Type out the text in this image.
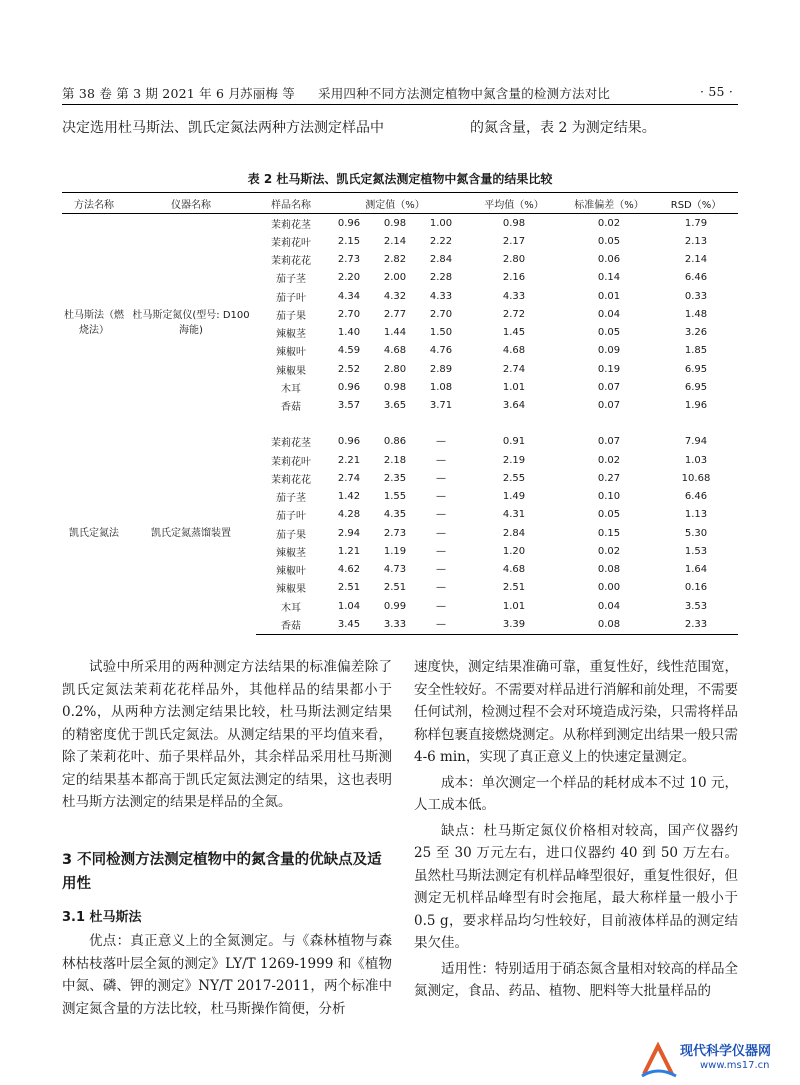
第 38 卷 第 3 期 2021 年 6 月 苏丽梅 等 采用四种不同方法测定植物中氮含量的检测方法对比	· 55 ·
决定选用杜马斯法、凯氏定氮法两种方法测定样品中	的氮含量，表 2 为测定结果。
表 2 杜马斯法、凯氏定氮法测定植物中氮含量的结果比较
方法名称	仪器名称	样品名称	测定值（%）			平均值（%）	标准偏差（%）	RSD（%）
杜马斯法（燃烧法）	杜马斯定氮仪(型号: D100 海能)	茉莉花茎	0.96	0.98	1.00	0.98	0.02	1.79
		茉莉花叶	2.15	2.14	2.22	2.17	0.05	2.13
		茉莉花花	2.73	2.82	2.84	2.80	0.06	2.14
		茄子茎	2.20	2.00	2.28	2.16	0.14	6.46
		茄子叶	4.34	4.32	4.33	4.33	0.01	0.33
		茄子果	2.70	2.77	2.70	2.72	0.04	1.48
		辣椒茎	1.40	1.44	1.50	1.45	0.05	3.26
		辣椒叶	4.59	4.68	4.76	4.68	0.09	1.85
		辣椒果	2.52	2.80	2.89	2.74	0.19	6.95
		木耳	0.96	0.98	1.08	1.01	0.07	6.95
		香菇	3.57	3.65	3.71	3.64	0.07	1.96

凯氏定氮法	凯氏定氮蒸馏装置	茉莉花茎	0.96	0.86	—	0.91	0.07	7.94
		茉莉花叶	2.21	2.18	—	2.19	0.02	1.03
		茉莉花花	2.74	2.35	—	2.55	0.27	10.68
		茄子茎	1.42	1.55	—	1.49	0.10	6.46
		茄子叶	4.28	4.35	—	4.31	0.05	1.13
		茄子果	2.94	2.73	—	2.84	0.15	5.30
		辣椒茎	1.21	1.19	—	1.20	0.02	1.53
		辣椒叶	4.62	4.73	—	4.68	0.08	1.64
		辣椒果	2.51	2.51	—	2.51	0.00	0.16
		木耳	1.04	0.99	—	1.01	0.04	3.53
		香菇	3.45	3.33	—	3.39	0.08	2.33

试验中所采用的两种测定方法结果的标准偏差除了凯氏定氮法茉莉花花样品外，其他样品的结果都小于 0.2%，从两种方法测定结果比较，杜马斯法测定结果的精密度优于凯氏定氮法。从测定结果的平均值来看，除了茉莉花叶、茄子果样品外，其余样品采用杜马斯测定的结果基本都高于凯氏定氮法测定的结果，这也表明杜马斯方法测定的结果是样品的全氮。

3 不同检测方法测定植物中的氮含量的优缺点及适用性
3.1 杜马斯法

优点：真正意义上的全氮测定。与《森林植物与森林枯枝落叶层全氮的测定》LY/T 1269-1999 和《植物中氮、磷、钾的测定》NY/T 2017-2011，两个标准中测定氮含量的方法比较，杜马斯操作简便，分析

速度快，测定结果准确可靠，重复性好，线性范围宽，安全性较好。不需要对样品进行消解和前处理，不需要任何试剂，检测过程不会对环境造成污染，只需将样品称样包裹直接燃烧测定。从称样到测定出结果一般只需 4-6 min，实现了真正意义上的快速定量测定。

成本：单次测定一个样品的耗材成本不过 10 元，人工成本低。

缺点：杜马斯定氮仪价格相对较高，国产仪器约 25 至 30 万元左右，进口仪器约 40 到 50 万左右。虽然杜马斯法测定有机样品峰型很好，重复性很好，但测定无机样品峰型有时会拖尾，最大称样量一般小于 0.5 g，要求样品均匀性较好，目前液体样品的测定结果欠佳。

适用性：特别适用于硝态氮含量相对较高的样品全氮测定，食品、药品、植物、肥料等大批量样品的

现代科学仪器网
www.ms17.cn
